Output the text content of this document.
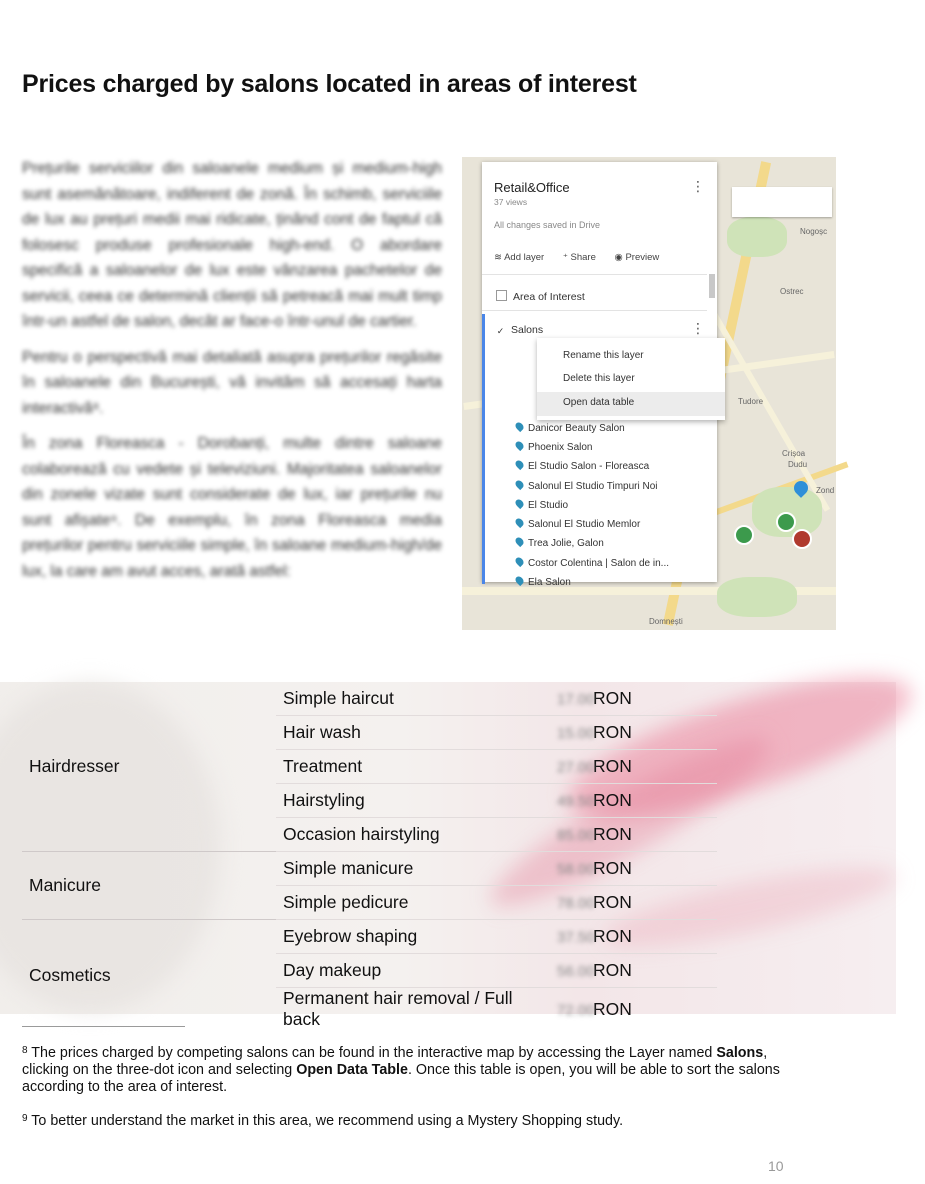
Prices charged by salons located in areas of interest

Prețurile serviciilor din saloanele medium și medium-high sunt asemănătoare, indiferent de zonă. În schimb, serviciile de lux au prețuri medii mai ridicate, ținând cont de faptul că folosesc produse profesionale high-end. O abordare specifică a saloanelor de lux este vânzarea pachetelor de servicii, ceea ce determină clienții să petreacă mai mult timp într-un astfel de salon, decât ar face-o într-unul de cartier.

Pentru o perspectivă mai detaliată asupra prețurilor regăsite în saloanele din București, vă invităm să accesați harta interactivă⁸.

În zona Floreasca - Dorobanți, multe dintre saloane colaborează cu vedete și televiziuni. Majoritatea saloanelor din zonele vizate sunt considerate de lux, iar prețurile nu sunt afișate⁹. De exemplu, în zona Floreasca media prețurilor pentru serviciile simple, în saloane medium-high/de lux, la care am avut acces, arată astfel:

Nogoșc
Ostrec
Tudore
Crișoa
Dudu
Zond
Domnești
Retail&Office
37 views
⋮
All changes saved in Drive
≋ Add layer ⁺ Share ◉ Preview
Area of Interest
✓ Salons	⋮
Danicor Beauty Salon
Phoenix Salon
El Studio Salon - Floreasca
Salonul El Studio Timpuri Noi
El Studio
Salonul El Studio Memlor
Trea Jolie, Galon
Costor Colentina | Salon de in...
Ela Salon
Rename this layer
Delete this layer
Open data table
Hairdresser	Simple haircut	17.00RON
	Hair wash	15.00RON
	Treatment	27.00RON
	Hairstyling	49.50RON
	Occasion hairstyling	85.00RON
Manicure	Simple manicure	58.00RON
	Simple pedicure	78.00RON
Cosmetics	Eyebrow shaping	37.50RON
	Day makeup	56.00RON
	Permanent hair removal / Full back	72.00RON

$^8$ The prices charged by competing salons can be found in the interactive map by accessing the Layer named Salons, clicking on the three-dot icon and selecting Open Data Table. Once this table is open, you will be able to sort the salons according to the area of interest.

$^9$ To better understand the market in this area, we recommend using a Mystery Shopping study.

10
